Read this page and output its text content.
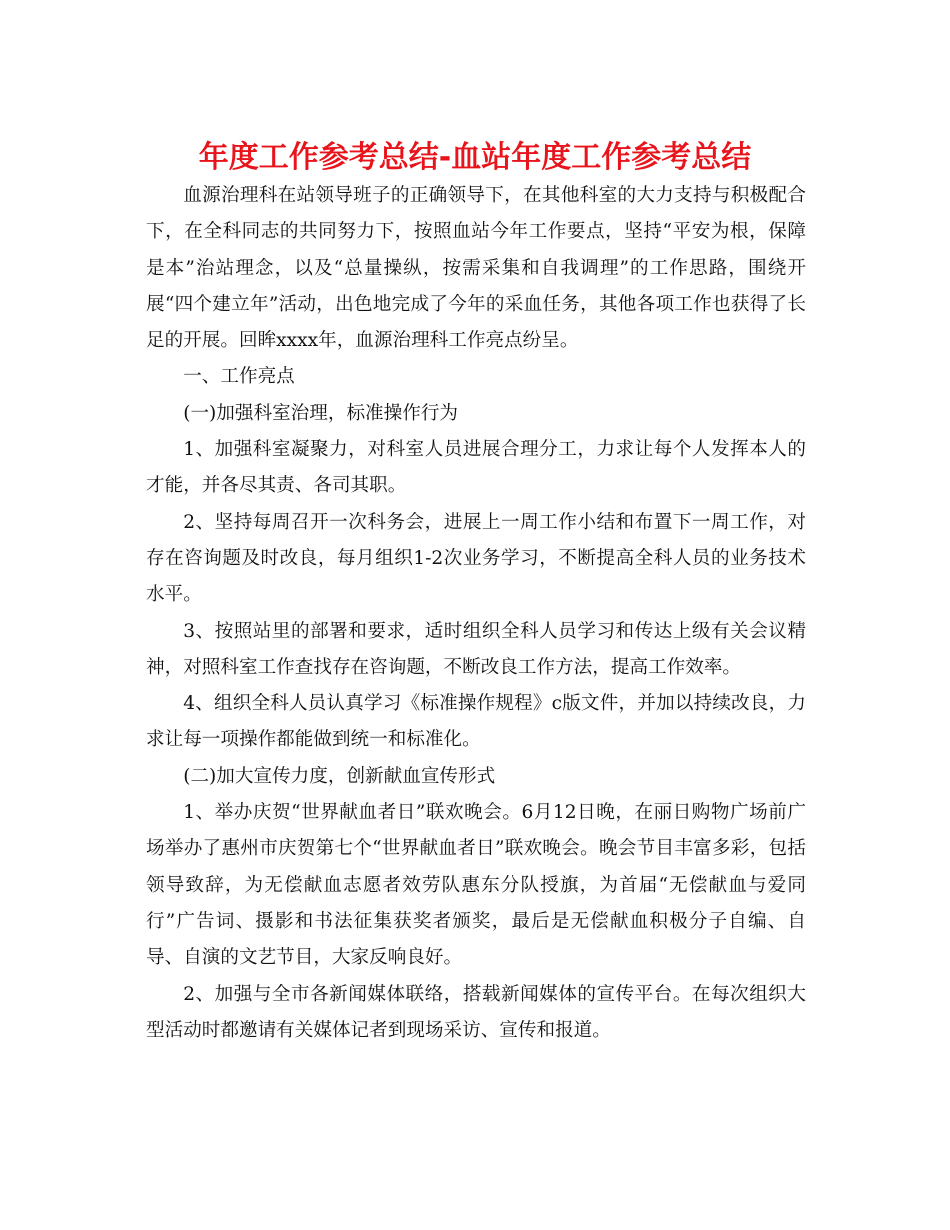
年度工作参考总结-血站年度工作参考总结

血源治理科在站领导班子的正确领导下，在其他科室的大力支持与积极配合下，在全科同志的共同努力下，按照血站今年工作要点，坚持“平安为根，保障是本”治站理念，以及“总量操纵，按需采集和自我调理”的工作思路，围绕开展“四个建立年”活动，出色地完成了今年的采血任务，其他各项工作也获得了长足的开展。回眸xxxx年，血源治理科工作亮点纷呈。

一、工作亮点

(一)加强科室治理，标准操作行为

1、加强科室凝聚力，对科室人员进展合理分工，力求让每个人发挥本人的才能，并各尽其责、各司其职。

2、坚持每周召开一次科务会，进展上一周工作小结和布置下一周工作，对存在咨询题及时改良，每月组织1-2次业务学习，不断提高全科人员的业务技术水平。

3、按照站里的部署和要求，适时组织全科人员学习和传达上级有关会议精神，对照科室工作查找存在咨询题，不断改良工作方法，提高工作效率。

4、组织全科人员认真学习《标准操作规程》c版文件，并加以持续改良，力求让每一项操作都能做到统一和标准化。

(二)加大宣传力度，创新献血宣传形式

1、举办庆贺“世界献血者日”联欢晚会。6月12日晚，在丽日购物广场前广场举办了惠州市庆贺第七个“世界献血者日”联欢晚会。晚会节目丰富多彩，包括领导致辞，为无偿献血志愿者效劳队惠东分队授旗，为首届“无偿献血与爱同行”广告词、摄影和书法征集获奖者颁奖，最后是无偿献血积极分子自编、自导、自演的文艺节目，大家反响良好。

2、加强与全市各新闻媒体联络，搭载新闻媒体的宣传平台。在每次组织大型活动时都邀请有关媒体记者到现场采访、宣传和报道。
